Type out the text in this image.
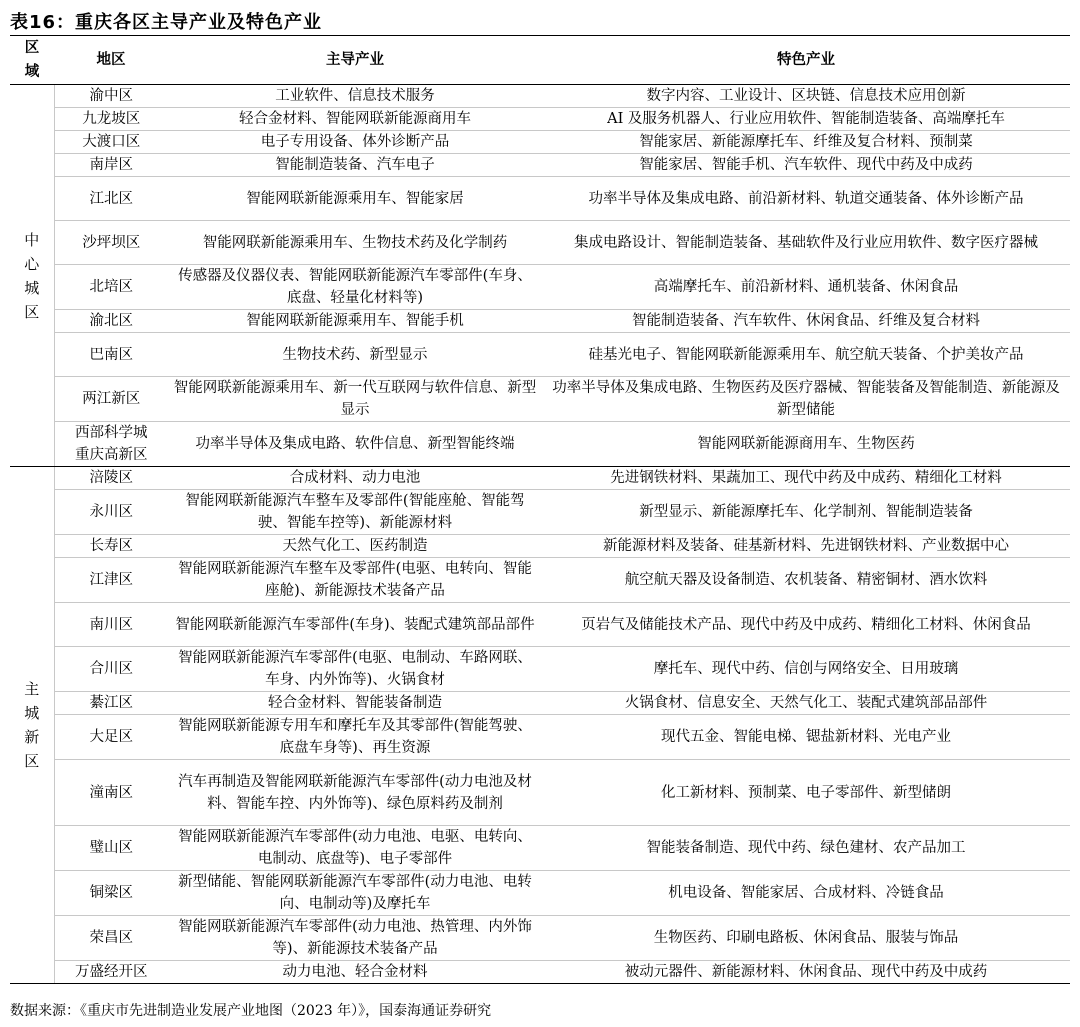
表16：重庆各区主导产业及特色产业
区域	地区	主导产业	特色产业
中心城区	渝中区	工业软件、信息技术服务	数字内容、工业设计、区块链、信息技术应用创新
	九龙坡区	轻合金材料、智能网联新能源商用车	AI 及服务机器人、行业应用软件、智能制造装备、高端摩托车
	大渡口区	电子专用设备、体外诊断产品	智能家居、新能源摩托车、纤维及复合材料、预制菜
	南岸区	智能制造装备、汽车电子	智能家居、智能手机、汽车软件、现代中药及中成药
	江北区	智能网联新能源乘用车、智能家居	功率半导体及集成电路、前沿新材料、轨道交通装备、体外诊断产品
	沙坪坝区	智能网联新能源乘用车、生物技术药及化学制药	集成电路设计、智能制造装备、基础软件及行业应用软件、数字医疗器械
	北培区	传感器及仪器仪表、智能网联新能源汽车零部件(车身、底盘、轻量化材料等)	高端摩托车、前沿新材料、通机装备、休闲食品
	渝北区	智能网联新能源乘用车、智能手机	智能制造装备、汽车软件、休闲食品、纤维及复合材料
	巴南区	生物技术药、新型显示	硅基光电子、智能网联新能源乘用车、航空航天装备、个护美妆产品
	两江新区	智能网联新能源乘用车、新一代互联网与软件信息、新型显示	功率半导体及集成电路、生物医药及医疗器械、智能装备及智能制造、新能源及新型储能
	西部科学城重庆高新区	功率半导体及集成电路、软件信息、新型智能终端	智能网联新能源商用车、生物医药
主城新区	涪陵区	合成材料、动力电池	先进钢铁材料、果蔬加工、现代中药及中成药、精细化工材料
	永川区	智能网联新能源汽车整车及零部件(智能座舱、智能驾驶、智能车控等)、新能源材料	新型显示、新能源摩托车、化学制剂、智能制造装备
	长寿区	天然气化工、医药制造	新能源材料及装备、硅基新材料、先进钢铁材料、产业数据中心
	江津区	智能网联新能源汽车整车及零部件(电驱、电转向、智能座舱)、新能源技术装备产品	航空航天器及设备制造、农机装备、精密铜材、酒水饮料
	南川区	智能网联新能源汽车零部件(车身)、装配式建筑部品部件	页岩气及储能技术产品、现代中药及中成药、精细化工材料、休闲食品
	合川区	智能网联新能源汽车零部件(电驱、电制动、车路网联、车身、内外饰等)、火锅食材	摩托车、现代中药、信创与网络安全、日用玻璃
	綦江区	轻合金材料、智能装备制造	火锅食材、信息安全、天然气化工、装配式建筑部品部件
	大足区	智能网联新能源专用车和摩托车及其零部件(智能驾驶、底盘车身等)、再生资源	现代五金、智能电梯、锶盐新材料、光电产业
	潼南区	汽车再制造及智能网联新能源汽车零部件(动力电池及材料、智能车控、内外饰等)、绿色原料药及制剂	化工新材料、预制菜、电子零部件、新型储朗
	璧山区	智能网联新能源汽车零部件(动力电池、电驱、电转向、电制动、底盘等)、电子零部件	智能装备制造、现代中药、绿色建材、农产品加工
	铜梁区	新型储能、智能网联新能源汽车零部件(动力电池、电转向、电制动等)及摩托车	机电设备、智能家居、合成材料、冷链食品
	荣昌区	智能网联新能源汽车零部件(动力电池、热管理、内外饰等)、新能源技术装备产品	生物医药、印刷电路板、休闲食品、服装与饰品
	万盛经开区	动力电池、轻合金材料	被动元器件、新能源材料、休闲食品、现代中药及中成药
数据来源：《重庆市先进制造业发展产业地图（2023 年）》，国泰海通证券研究
